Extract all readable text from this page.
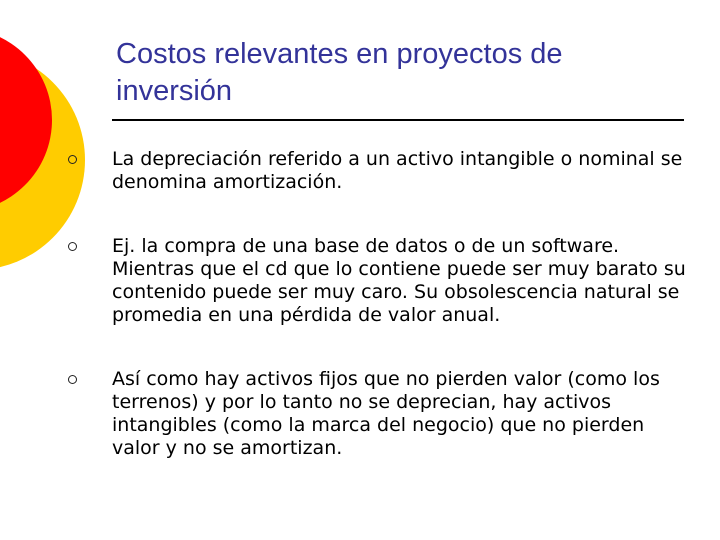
Costos relevantes en proyectos de
inversión
La depreciación referido a un activo intangible o nominal se denomina amortización.
Ej. la compra de una base de datos o de un software. Mientras que el cd que lo contiene puede ser muy barato su contenido puede ser muy caro. Su obsolescencia natural se promedia en una pérdida de valor anual.
Así como hay activos fijos que no pierden valor (como los terrenos) y por lo tanto no se deprecian, hay activos intangibles (como la marca del negocio) que no pierden valor y no se amortizan.
